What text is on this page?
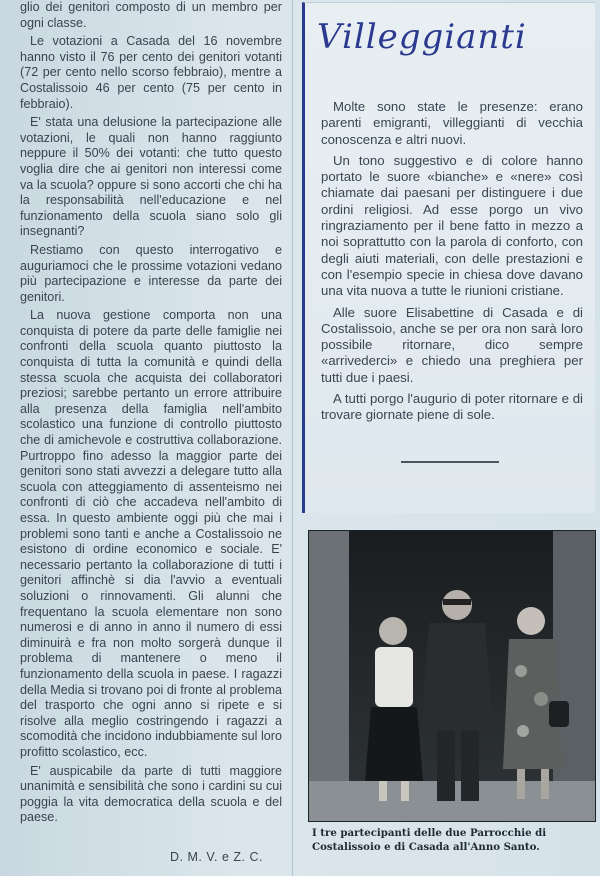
glio dei genitori composto di un membro per ogni classe.

Le votazioni a Casada del 16 novembre hanno visto il 76 per cento dei genitori votanti (72 per cento nello scorso febbraio), mentre a Costalissoio 46 per cento (75 per cento in febbraio).

E' stata una delusione la partecipazione alle votazioni, le quali non hanno raggiunto neppure il 50% dei votanti: che tutto questo voglia dire che ai genitori non interessi come va la scuola? oppure si sono accorti che chi ha la responsabilità nell'educazione e nel funzionamento della scuola siano solo gli insegnanti?

Restiamo con questo interrogativo e auguriamoci che le prossime votazioni vedano più partecipazione e interesse da parte dei genitori.

La nuova gestione comporta non una conquista di potere da parte delle famiglie nei confronti della scuola quanto piuttosto la conquista di tutta la comunità e quindi della stessa scuola che acquista dei collaboratori preziosi; sarebbe pertanto un errore attribuire alla presenza della famiglia nell'ambito scolastico una funzione di controllo piuttosto che di amichevole e costruttiva collaborazione. Purtroppo fino adesso la maggior parte dei genitori sono stati avvezzi a delegare tutto alla scuola con atteggiamento di assenteismo nei confronti di ciò che accadeva nell'ambito di essa. In questo ambiente oggi più che mai i problemi sono tanti e anche a Costalissoio ne esistono di ordine economico e sociale. E' necessario pertanto la collaborazione di tutti i genitori affinchè si dia l'avvio a eventuali soluzioni o rinnovamenti. Gli alunni che frequentano la scuola elementare non sono numerosi e di anno in anno il numero di essi diminuirà e fra non molto sorgerà dunque il problema di mantenere o meno il funzionamento della scuola in paese. I ragazzi della Media si trovano poi di fronte al problema del trasporto che ogni anno si ripete e si risolve alla meglio costringendo i ragazzi a scomodità che incidono indubbiamente sul loro profitto scolastico, ecc.

E' auspicabile da parte di tutti maggiore unanimità e sensibilità che sono i cardini su cui poggia la vita democratica della scuola e del paese.

D. M. V. e Z. C.
Villeggianti

Molte sono state le presenze: erano parenti emigranti, villeggianti di vecchia conoscenza e altri nuovi.

Un tono suggestivo e di colore hanno portato le suore «bianche» e «nere» così chiamate dai paesani per distinguere i due ordini religiosi. Ad esse porgo un vivo ringraziamento per il bene fatto in mezzo a noi soprattutto con la parola di conforto, con degli aiuti materiali, con delle prestazioni e con l'esempio specie in chiesa dove davano una vita nuova a tutte le riunioni cristiane.

Alle suore Elisabettine di Casada e di Costalissoio, anche se per ora non sarà loro possibile ritornare, dico sempre «arrivederci» e chiedo una preghiera per tutti due i paesi.

A tutti porgo l'augurio di poter ritornare e di trovare giornate piene di sole.

I tre partecipanti delle due Parrocchie di Costalissoio e di Casada all'Anno Santo.
